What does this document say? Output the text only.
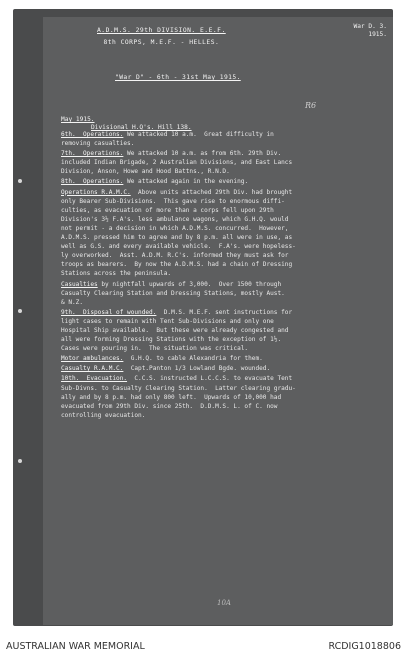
War D. 3.
1915.
A.D.M.S. 29th DIVISION. E.E.F.
8th CORPS, M.E.F. - HELLES.
"War D" - 6th - 31st May 1915.
R6
May 1915.
Divisional H.Q's. Hill 138.
6th.  Operations. We attacked 10 a.m.  Great difficulty in
removing casualties.
7th.  Operations. We attacked 10 a.m. as from 6th. 29th Div.
included Indian Brigade, 2 Australian Divisions, and East Lancs
Division, Anson, Howe and Hood Battns., R.N.D.
8th.  Operations. We attacked again in the evening.
Operations R.A.M.C.  Above units attached 29th Div. had brought
only Bearer Sub-Divisions.  This gave rise to enormous diffi-
culties, as evacuation of more than a corps fell upon 29th
Division's 3½ F.A's. less ambulance wagons, which G.H.Q. would
not permit - a decision in which A.D.M.S. concurred.  However,
A.D.M.S. pressed him to agree and by 8 p.m. all were in use, as
well as G.S. and every available vehicle.  F.A's. were hopeless-
ly overworked.  Asst. A.D.M. R.C's. informed they must ask for
troops as bearers.  By now the A.D.M.S. had a chain of Dressing
Stations across the peninsula.
Casualties by nightfall upwards of 3,000.  Over 1500 through
Casualty Clearing Station and Dressing Stations, mostly Aust.
& N.Z.
9th.  Disposal of wounded.  D.M.S. M.E.F. sent instructions for
light cases to remain with Tent Sub-Divisions and only one
Hospital Ship available.  But these were already congested and
all were forming Dressing Stations with the exception of 1½.
Cases were pouring in.  The situation was critical.
Motor ambulances.  G.H.Q. to cable Alexandria for them.
Casualty R.A.M.C.  Capt.Panton 1/3 Lowland Bgde. wounded.
10th.  Evacuation.  C.C.S. instructed L.C.C.S. to evacuate Tent
Sub-Divns. to Casualty Clearing Station.  Latter clearing gradu-
ally and by 8 p.m. had only 800 left.  Upwards of 10,000 had
evacuated from 29th Div. since 25th.  D.D.M.S. L. of C. now
controlling evacuation.
10A
AUSTRALIAN WAR MEMORIAL	RCDIG1018806
